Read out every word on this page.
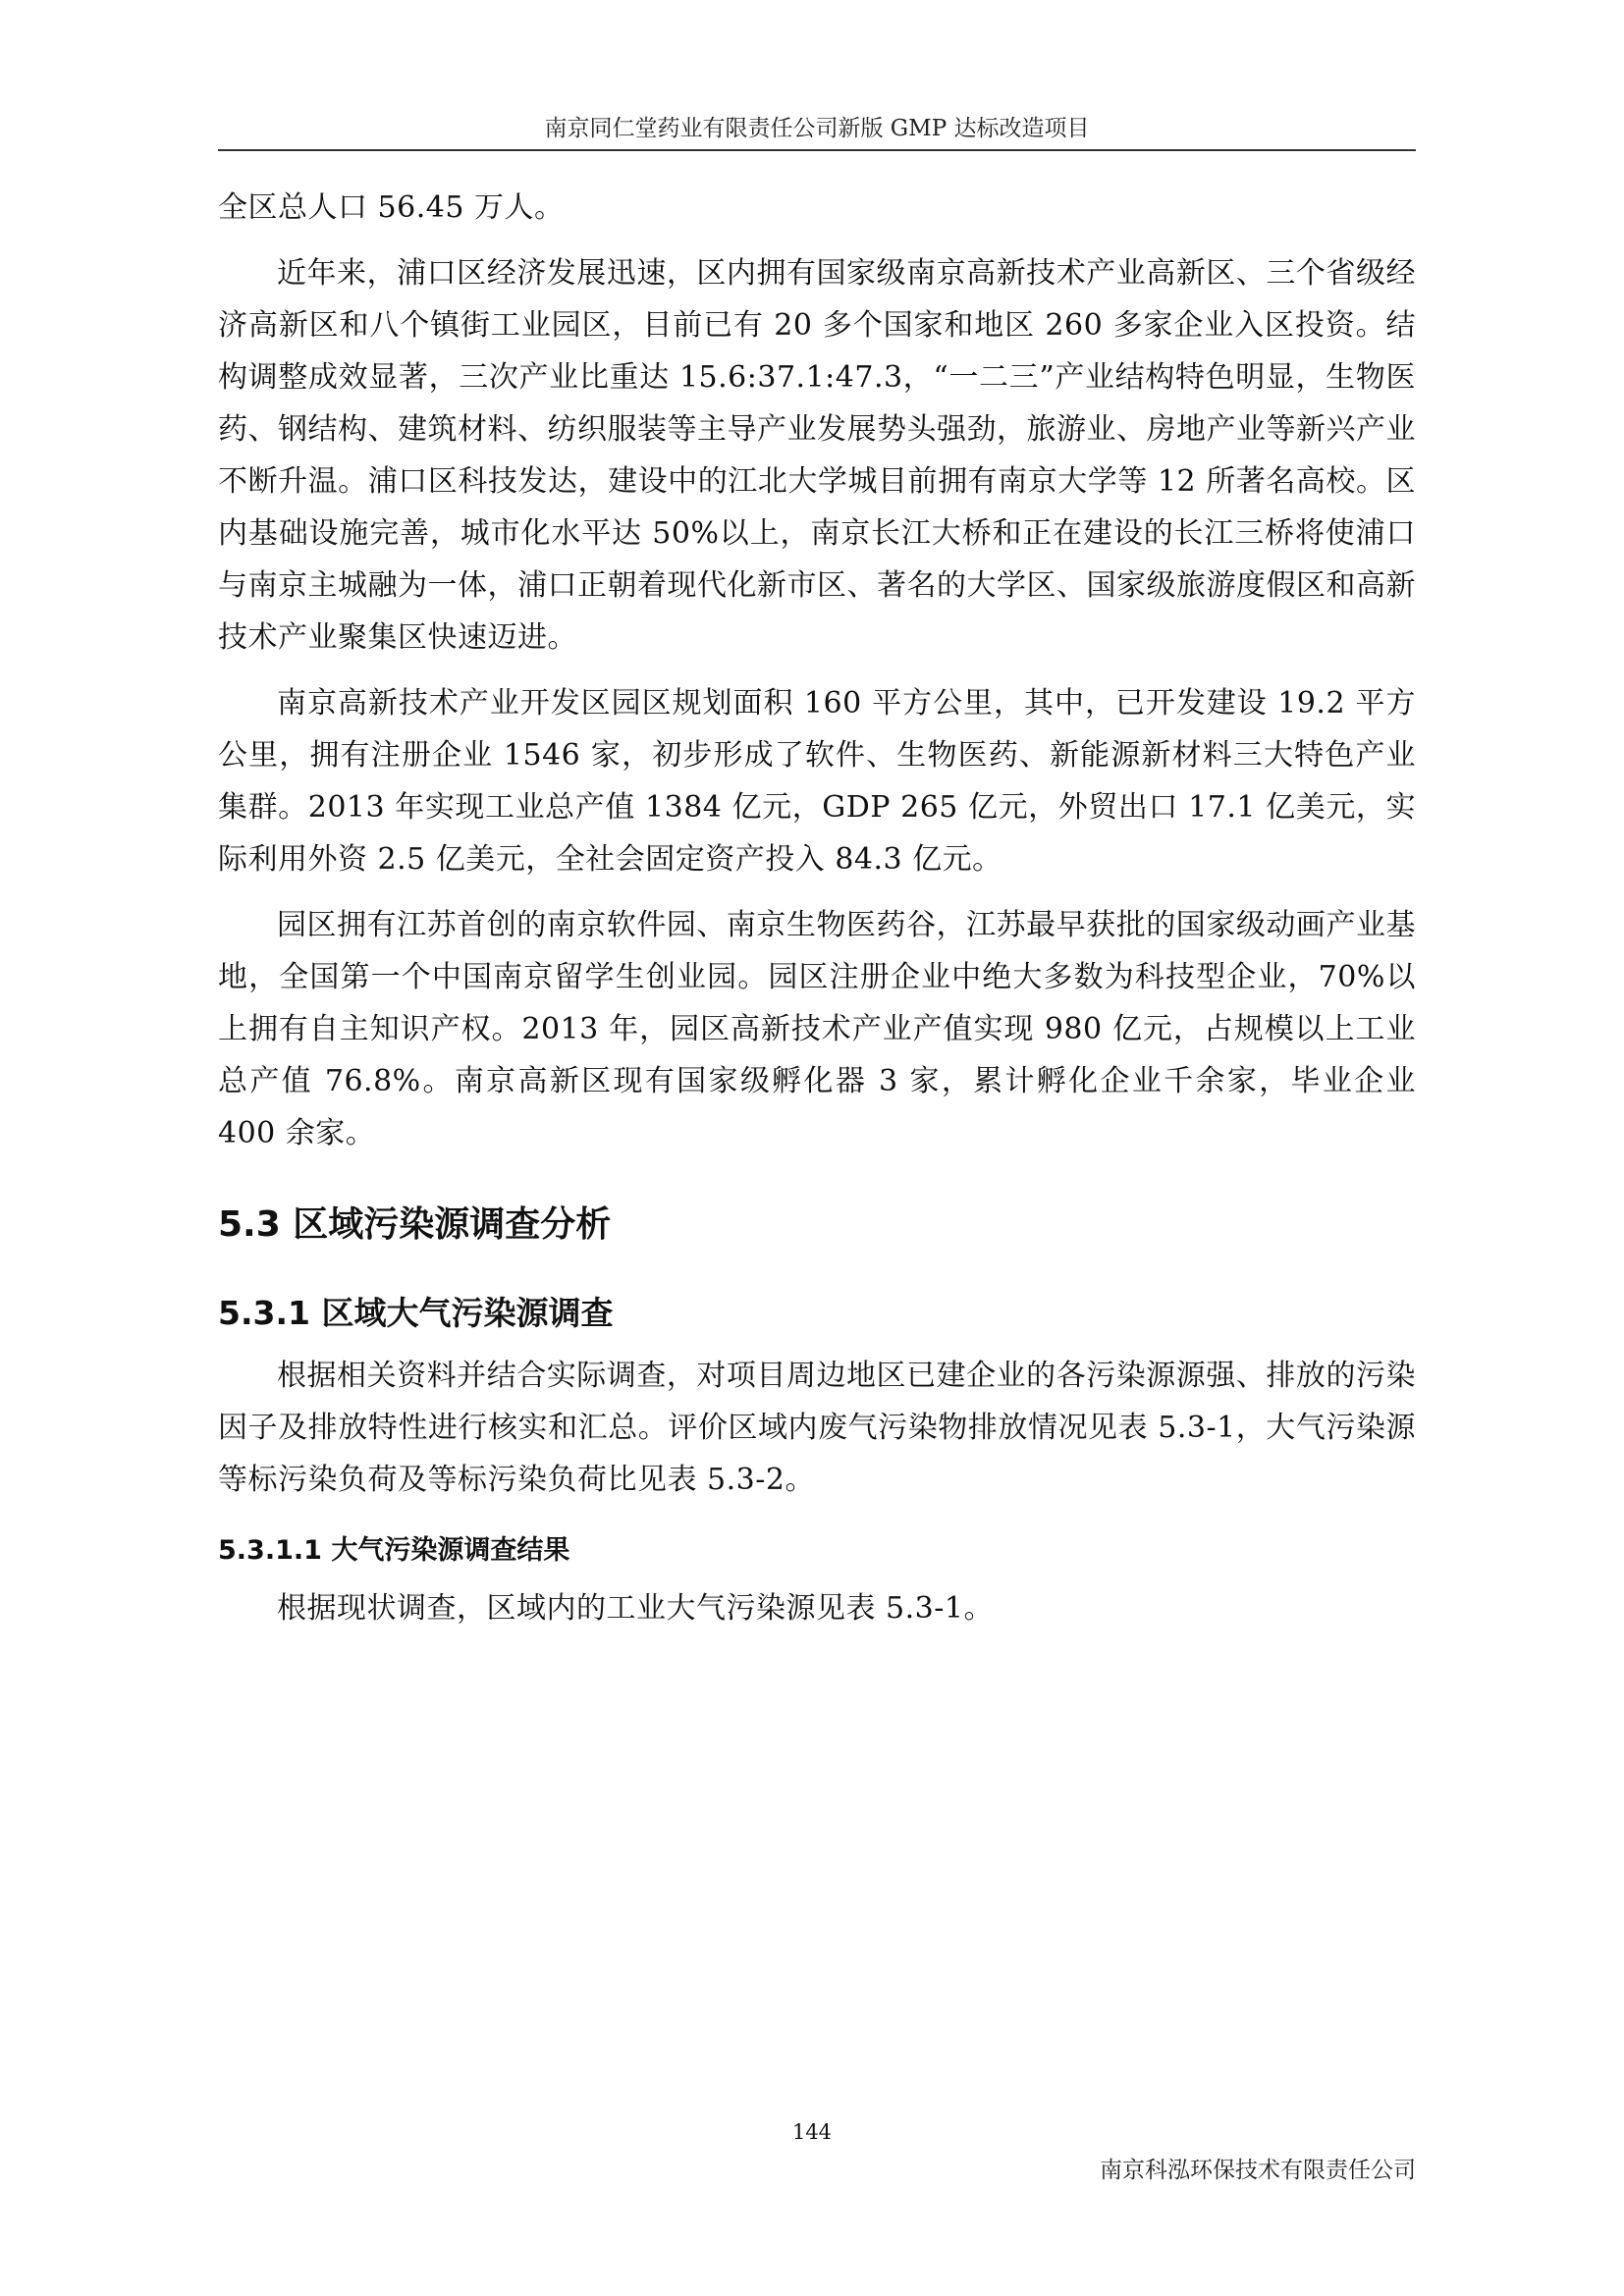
南京同仁堂药业有限责任公司新版 GMP 达标改造项目

全区总人口 56.45 万人。

近年来，浦口区经济发展迅速，区内拥有国家级南京高新技术产业高新区、三个省级经济高新区和八个镇街工业园区，目前已有 20 多个国家和地区 260 多家企业入区投资。结构调整成效显著，三次产业比重达 15.6:37.1:47.3，“一二三”产业结构特色明显，生物医药、钢结构、建筑材料、纺织服装等主导产业发展势头强劲，旅游业、房地产业等新兴产业不断升温。浦口区科技发达，建设中的江北大学城目前拥有南京大学等 12 所著名高校。区内基础设施完善，城市化水平达 50%以上，南京长江大桥和正在建设的长江三桥将使浦口与南京主城融为一体，浦口正朝着现代化新市区、著名的大学区、国家级旅游度假区和高新技术产业聚集区快速迈进。

南京高新技术产业开发区园区规划面积 160 平方公里，其中，已开发建设 19.2 平方公里，拥有注册企业 1546 家，初步形成了软件、生物医药、新能源新材料三大特色产业集群。2013 年实现工业总产值 1384 亿元，GDP 265 亿元，外贸出口 17.1 亿美元，实际利用外资 2.5 亿美元，全社会固定资产投入 84.3 亿元。

园区拥有江苏首创的南京软件园、南京生物医药谷，江苏最早获批的国家级动画产业基地，全国第一个中国南京留学生创业园。园区注册企业中绝大多数为科技型企业，70%以上拥有自主知识产权。2013 年，园区高新技术产业产值实现 980 亿元，占规模以上工业总产值 76.8%。南京高新区现有国家级孵化器 3 家，累计孵化企业千余家，毕业企业 400 余家。

5.3 区域污染源调查分析
5.3.1 区域大气污染源调查

根据相关资料并结合实际调查，对项目周边地区已建企业的各污染源源强、排放的污染因子及排放特性进行核实和汇总。评价区域内废气污染物排放情况见表 5.3-1，大气污染源等标污染负荷及等标污染负荷比见表 5.3-2。

5.3.1.1 大气污染源调查结果

根据现状调查，区域内的工业大气污染源见表 5.3-1。

144
南京科泓环保技术有限责任公司
